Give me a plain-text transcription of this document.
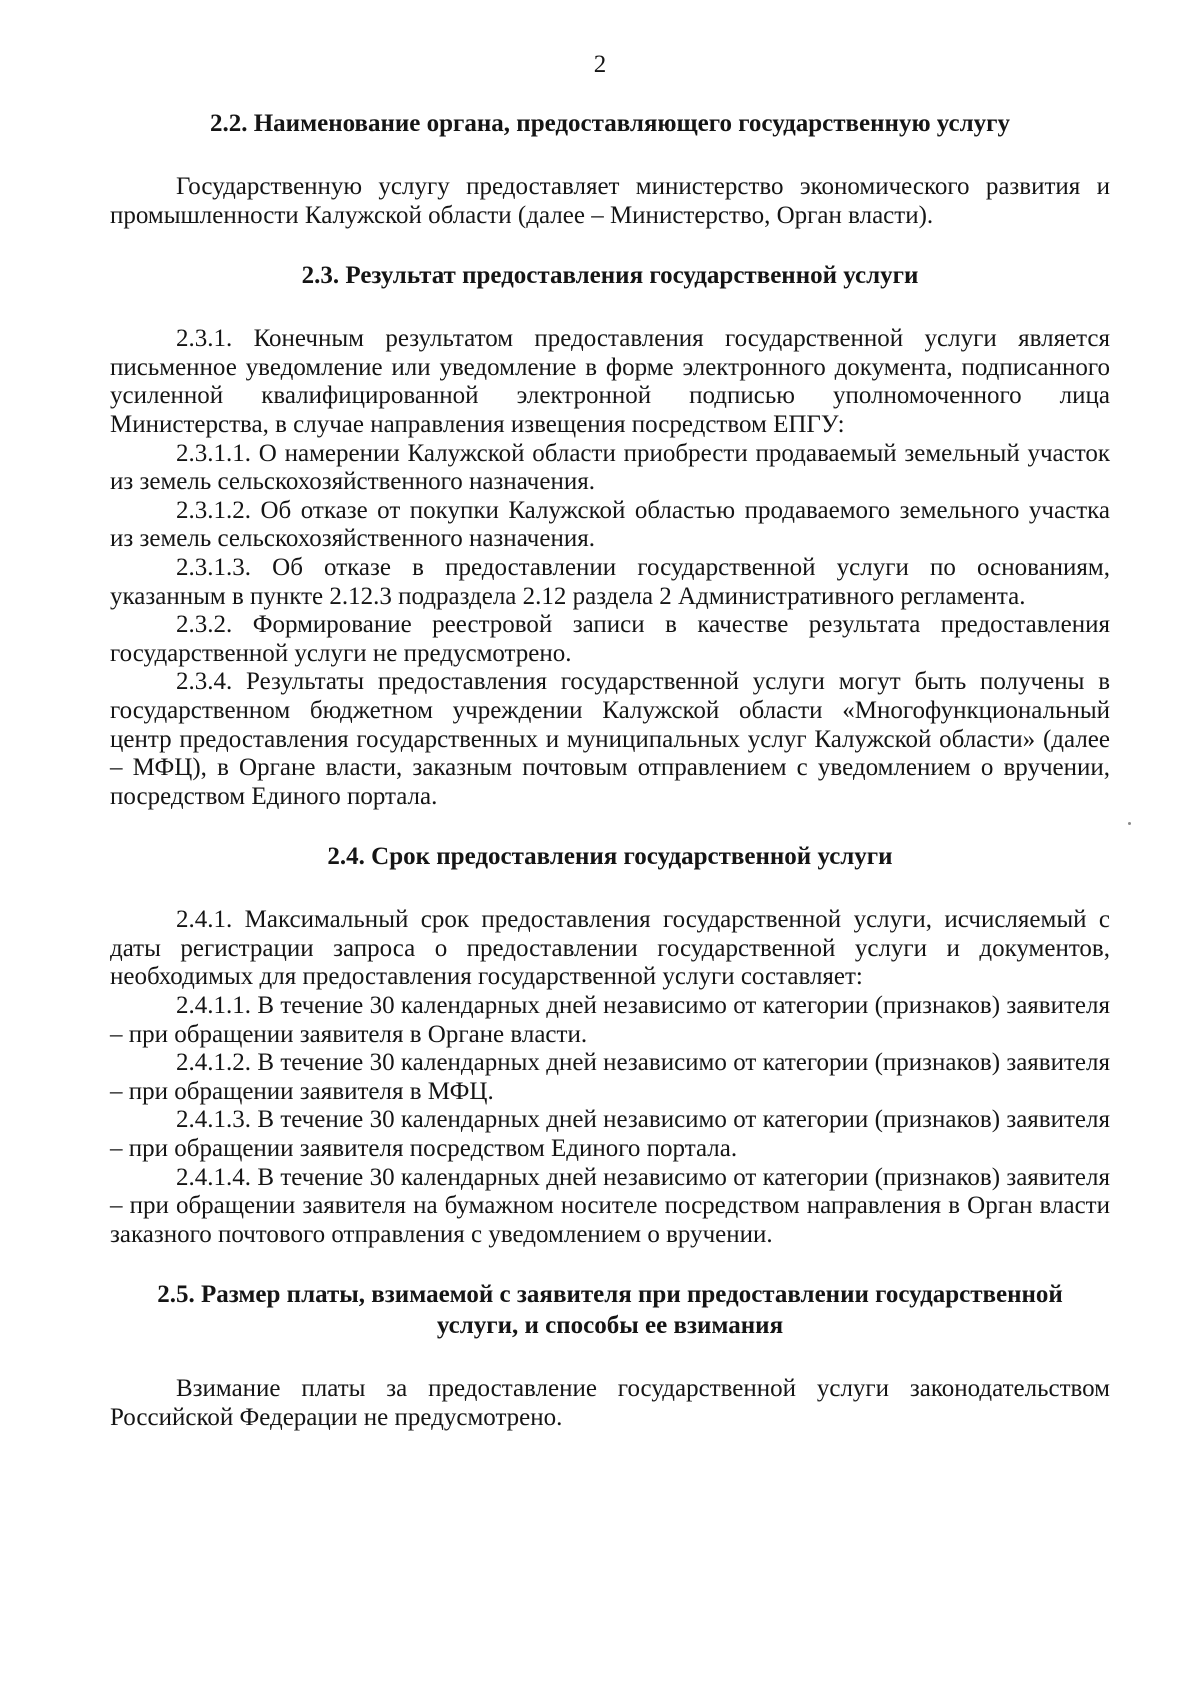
2
2.2. Наименование органа, предоставляющего государственную услугу

Государственную услугу предоставляет министерство экономического развития и промышленности Калужской области (далее – Министерство, Орган власти).

2.3. Результат предоставления государственной услуги

2.3.1. Конечным результатом предоставления государственной услуги является письменное уведомление или уведомление в форме электронного документа, подписанного усиленной квалифицированной электронной подписью уполномоченного лица Министерства, в случае направления извещения посредством ЕПГУ:

2.3.1.1. О намерении Калужской области приобрести продаваемый земельный участок из земель сельскохозяйственного назначения.

2.3.1.2. Об отказе от покупки Калужской областью продаваемого земельного участка из земель сельскохозяйственного назначения.

2.3.1.3. Об отказе в предоставлении государственной услуги по основаниям, указанным в пункте 2.12.3 подраздела 2.12 раздела 2 Административного регламента.

2.3.2. Формирование реестровой записи в качестве результата предоставления государственной услуги не предусмотрено.

2.3.4. Результаты предоставления государственной услуги могут быть получены в государственном бюджетном учреждении Калужской области «Многофункциональный центр предоставления государственных и муниципальных услуг Калужской области» (далее – МФЦ), в Органе власти, заказным почтовым отправлением с уведомлением о вручении, посредством Единого портала.

2.4. Срок предоставления государственной услуги

2.4.1. Максимальный срок предоставления государственной услуги, исчисляемый с даты регистрации запроса о предоставлении государственной услуги и документов, необходимых для предоставления государственной услуги составляет:

2.4.1.1. В течение 30 календарных дней независимо от категории (признаков) заявителя – при обращении заявителя в Органе власти.

2.4.1.2. В течение 30 календарных дней независимо от категории (признаков) заявителя – при обращении заявителя в МФЦ.

2.4.1.3. В течение 30 календарных дней независимо от категории (признаков) заявителя – при обращении заявителя посредством Единого портала.

2.4.1.4. В течение 30 календарных дней независимо от категории (признаков) заявителя – при обращении заявителя на бумажном носителе посредством направления в Орган власти заказного почтового отправления с уведомлением о вручении.

2.5. Размер платы, взимаемой с заявителя при предоставлении государственной услуги, и способы ее взимания

Взимание платы за предоставление государственной услуги законодательством Российской Федерации не предусмотрено.
